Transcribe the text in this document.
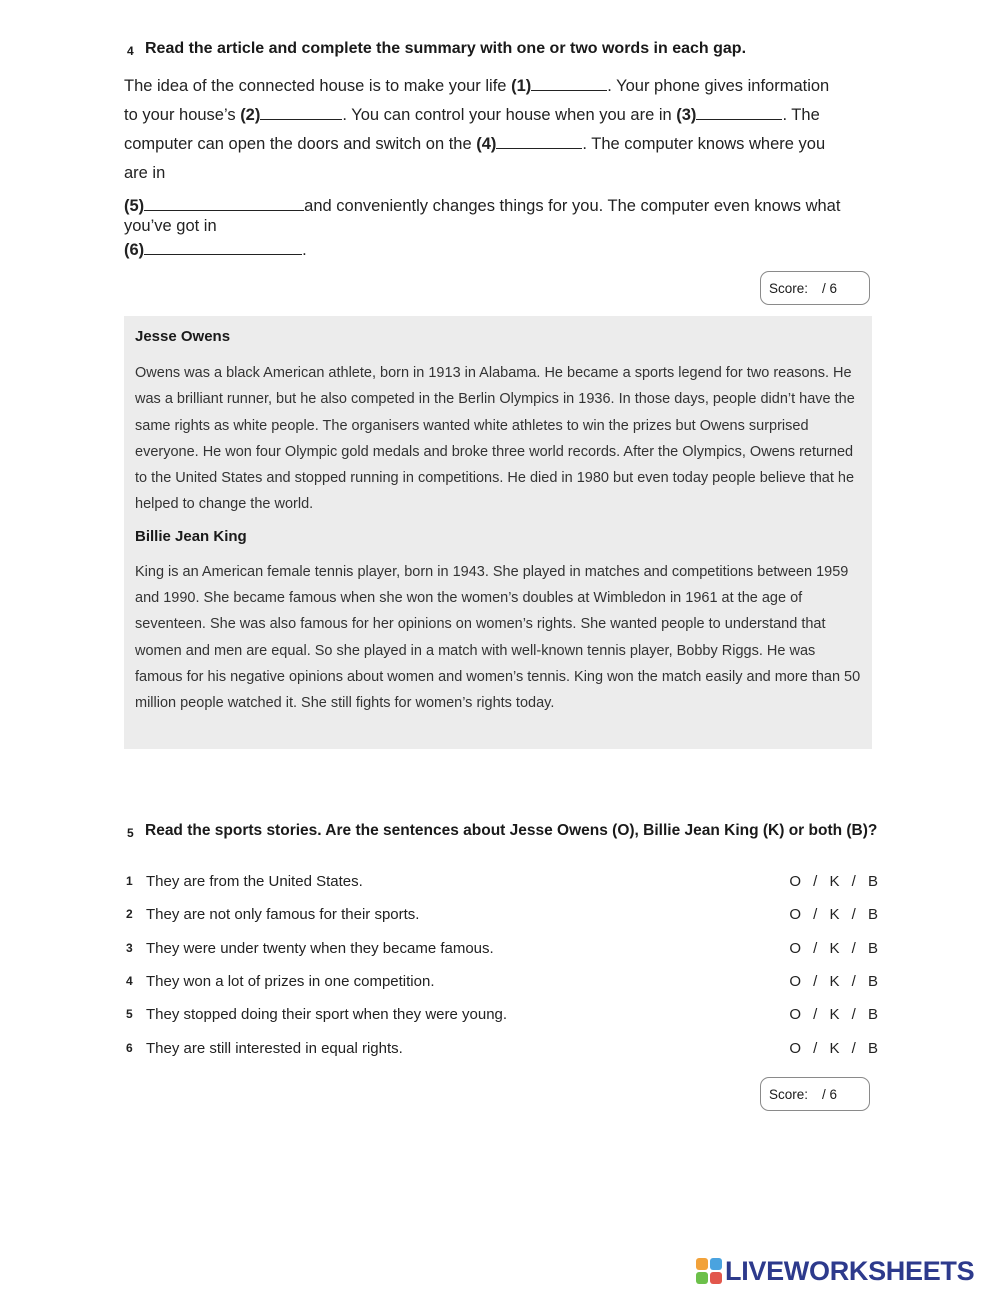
4 Read the article and complete the summary with one or two words in each gap.
The idea of the connected house is to make your life (1)	. Your phone gives information
to your house’s (2)	. You can control your house when you are in (3)	. The
computer can open the doors and switch on the (4)	. The computer knows where you
are in
(5)	and conveniently changes things for you. The computer even knows what
you’ve got in
(6)	.
Score: / 6
Jesse Owens

Owens was a black American athlete, born in 1913 in Alabama. He became a sports legend for two reasons. He was a brilliant runner, but he also competed in the Berlin Olympics in 1936. In those days, people didn’t have the same rights as white people. The organisers wanted white athletes to win the prizes but Owens surprised everyone. He won four Olympic gold medals and broke three world records. After the Olympics, Owens returned to the United States and stopped running in competitions. He died in 1980 but even today people believe that he helped to change the world.

Billie Jean King

King is an American female tennis player, born in 1943. She played in matches and competitions between 1959 and 1990. She became famous when she won the women’s doubles at Wimbledon in 1961 at the age of seventeen. She was also famous for her opinions on women’s rights. She wanted people to understand that women and men are equal. So she played in a match with well-known tennis player, Bobby Riggs. He was famous for his negative opinions about women and women’s tennis. King won the match easily and more than 50 million people watched it. She still fights for women’s rights today.

5 Read the sports stories. Are the sentences about Jesse Owens (O), Billie Jean King (K) or both (B)?
1 They are from the United States.	O / K / B
2 They are not only famous for their sports.	O / K / B
3 They were under twenty when they became famous.	O / K / B
4 They won a lot of prizes in one competition.	O / K / B
5 They stopped doing their sport when they were young.	O / K / B
6 They are still interested in equal rights.	O / K / B
Score: / 6
LIVEWORKSHEETS
